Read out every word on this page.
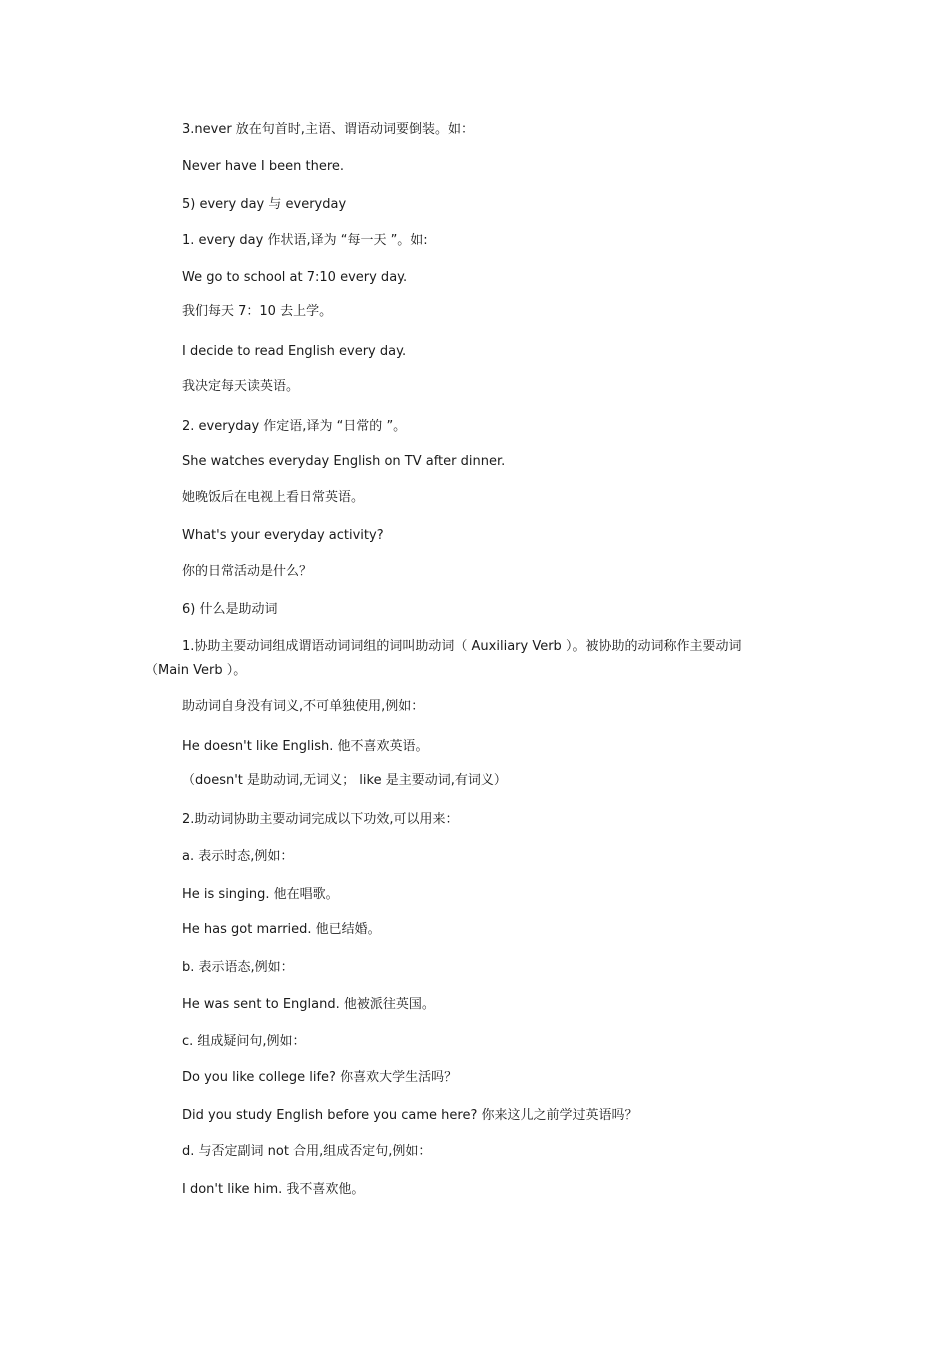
3.never 放在句首时,主语、谓语动词要倒装。如：
Never have I been there.
5) every day 与 everyday
1. every day 作状语,译为 “每一天 ”。如:
We go to school at 7:10 every day.
我们每天 7：10 去上学。
I decide to read English every day.
我决定每天读英语。
2. everyday 作定语,译为 “日常的 ”。
She watches everyday English on TV after dinner.
她晚饭后在电视上看日常英语。
What's your everyday activity?
你的日常活动是什么？
6) 什么是助动词
1.协助主要动词组成谓语动词词组的词叫助动词（ Auxiliary Verb ）。被协助的动词称作主要动词
（Main Verb ）。
助动词自身没有词义,不可单独使用,例如：
He doesn't like English. 他不喜欢英语。
（doesn't 是助动词,无词义； like 是主要动词,有词义）
2.助动词协助主要动词完成以下功效,可以用来：
a. 表示时态,例如：
He is singing. 他在唱歌。
He has got married. 他已结婚。
b. 表示语态,例如：
He was sent to England. 他被派往英国。
c. 组成疑问句,例如：
Do you like college life? 你喜欢大学生活吗？
Did you study English before you came here? 你来这儿之前学过英语吗？
d. 与否定副词 not 合用,组成否定句,例如：
I don't like him. 我不喜欢他。
